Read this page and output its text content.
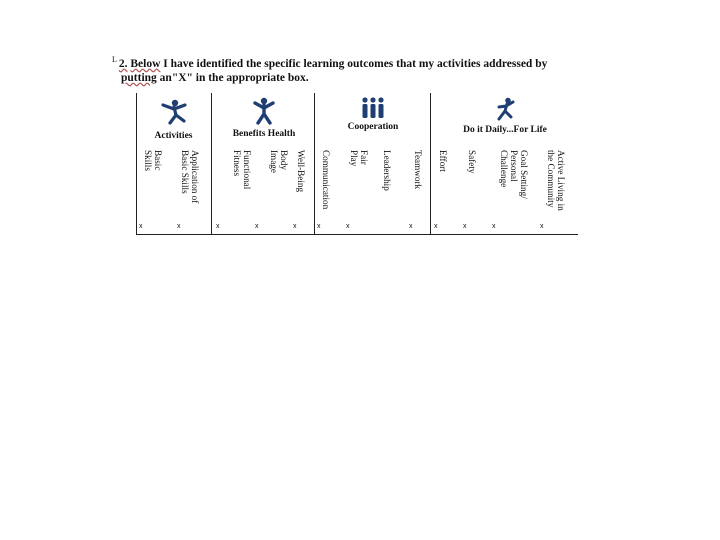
$^L$ 2. Below I have identified the specific learning outcomes that my activities addressed by
putting an"X" in the appropriate box.
Activities	Benefits Health
Cooperation	Do it Daily...For Life
Basic
Skills
x
Application of
Basic Skills
x
Functional
Fitness
x
Body
Image
x
Well-Being
x
Communication
x
Fair
Play
x
Leadership Teamwork
x
Effort
x
Safety
x
Goal Setting/
Personal
Challenge
x
Active Living in
the Community
x
